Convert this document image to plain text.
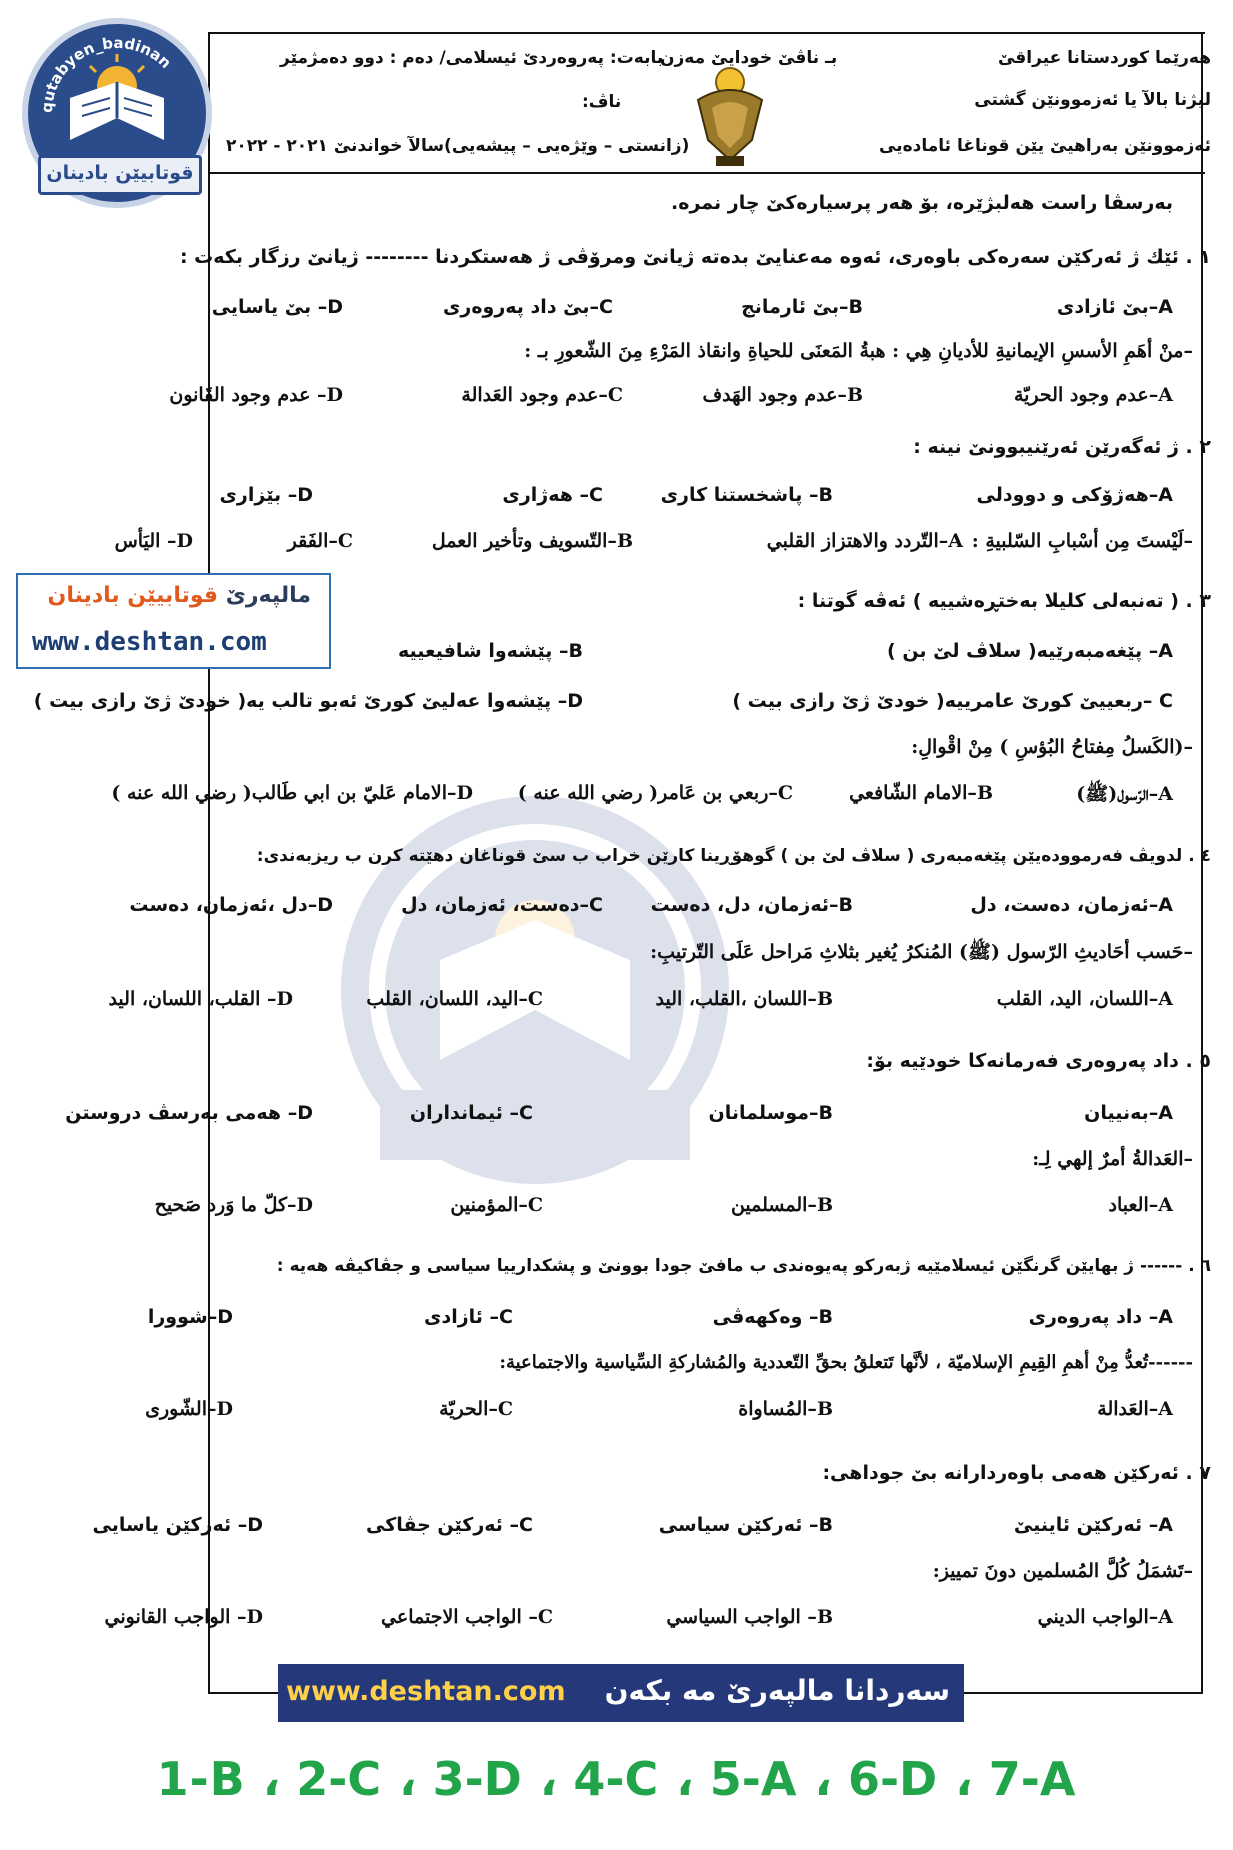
qutabyen_badinan
قوتابیێن بادینان
هەرێما كوردستانا عیراقێ
لیژنا بالآ یا ئەزموونێن گشتی
ئەزموونێن بەراهیێ یێن قوناغا ئامادەیی
بـ ناڤێ خودایێ مەزن
بابەت: پەروەردێ ئیسلامی/ دەم : دوو دەمژمێر
ناڤ:
(زانستی – وێژەیی – پیشەیی)سالآ خواندنێ ۲۰۲۱ - ۲۰۲۲
بەرسڤا راست هەلبژێرە، بۆ هەر پرسیارەکێ چار نمرە.
مالپەرێ قوتابیێن بادینان
www.deshtan.com
١ . ئێك ژ ئەرکێن سەرەکی باوەری، ئەوە مەعنایێ بدەتە ژیانێ ومرۆڤی ژ هەستکردنا -------- ژیانێ رزگار بکەت :
A–بێ ئازادی
B–بێ ئارمانج
C–بێ داد پەروەری
D– بێ یاسایی
–منْ أهَمِ الأسسِ الإيمانيةِ للأديانِ هِي : هبةُ المَعنَى للحياةِ وانقاذ المَرْءِ مِنَ الشّعورِ بـ :
A–عدم وجود الحريّة
B–عدم وجود الهَدف
C–عدم وجود العَدالة
D– عدم وجود القَانون
٢ . ژ ئەگەرێن ئەرێنیبوونێ نینە :
A–هەژۆکی و دوودلی
B– پاشخستنا کاری
C– هەژاری
D– بێزاری
–لَيْستَ مِن أسْبابِ السّلبيةِ :
A–التّردد والاهتزاز القلبي
B–التّسويف وتأخير العمل
C–الفَقر
D– اليَأس
٣ . ( تەنبەلی کلیلا بەختڕەشییە ) ئەڤە گوتنا :
A– پێغەمبەرێیە( سلاڤ لێ بن )
B– پێشەوا شافیعییە
C –ربعییێ کورێ عامرییە( خودێ ژێ رازی بیت )
D– پێشەوا عەلیێ کورێ ئەبو تالب یە( خودێ ژێ رازی بیت )
–(الكَسلُ مِفتاحُ البُؤسِ ) مِنْ اقْوالِ:
A–الرّسول(ﷺ)
B–الامام الشّافعي
C–ربعي بن عَامر( رضي الله عنه )
D–الامام عَليّ بن ابي طَالب( رضي الله عنه )
٤ . لدویڤ فەرموودەیێن پێغەمبەری ( سلاڤ لێ بن ) گوهۆڕینا کارێن خراب ب سێ قوناغان دهێتە کرن ب ریزبەندی:
A–ئەزمان، دەست، دل
B–ئەزمان، دل، دەست
C–دەست، ئەزمان، دل
D–دل ،ئەزمان، دەست
–حَسب أحَاديثِ الرّسول (ﷺ) المُنكرُ يُغير بثلاثِ مَراحل عَلَى التّرتيبِ:
A–اللسان، اليد، القلب
B–اللسان ،القلب، اليد
C–اليد، اللسان، القلب
D– القلب، اللسان، اليد
٥ . داد پەروەری فەرمانەکا خودێیە بۆ:
A–بەنییان
B–موسلمانان
C– ئیمانداران
D– هەمی بەرسڤ دروستن
–العَدالةُ أمرٌ إلهي لِـ:
A–العباد
B–المسلمين
C–المؤمنين
D–كلّ ما وَرد صَحيح
٦ . ------ ژ بهایێن گرنگێن ئیسلامێیە ژبەرکو پەیوەندی ب مافێ جودا بوونێ و پشکدارییا سیاسی و جڤاکیڤە هەیە :
A– داد پەروەری
B– وەکهەڤی
C– ئازادی
D–شوورا
------تُعدُّ مِنْ أهمِ القِيمِ الإسلاميّة ، لأنَّها تَتعلقُ بحقِّ التّعددية والمُشاركةِ السِّياسية والاجتماعية:
A–العَدالة
B–المُساواة
C–الحريّة
D–الشّورى
٧ . ئەرکێن هەمی باوەردارانە بێ جوداهی:
A– ئەرکێن ئاینیێ
B– ئەرکێن سیاسی
C– ئەرکێن جڤاکی
D– ئەرکێن یاسایی
–تَشمَلُ كُلَّ المُسلمين دونَ تمييز:
A–الواجب الديني
B– الواجب السياسي
C– الواجب الاجتماعي
D– الواجب القانوني
www.deshtan.com سەردانا مالپەرێ مە بکەن
1-B ، 2-C ، 3-D ، 4-C ، 5-A ، 6-D ، 7-A
